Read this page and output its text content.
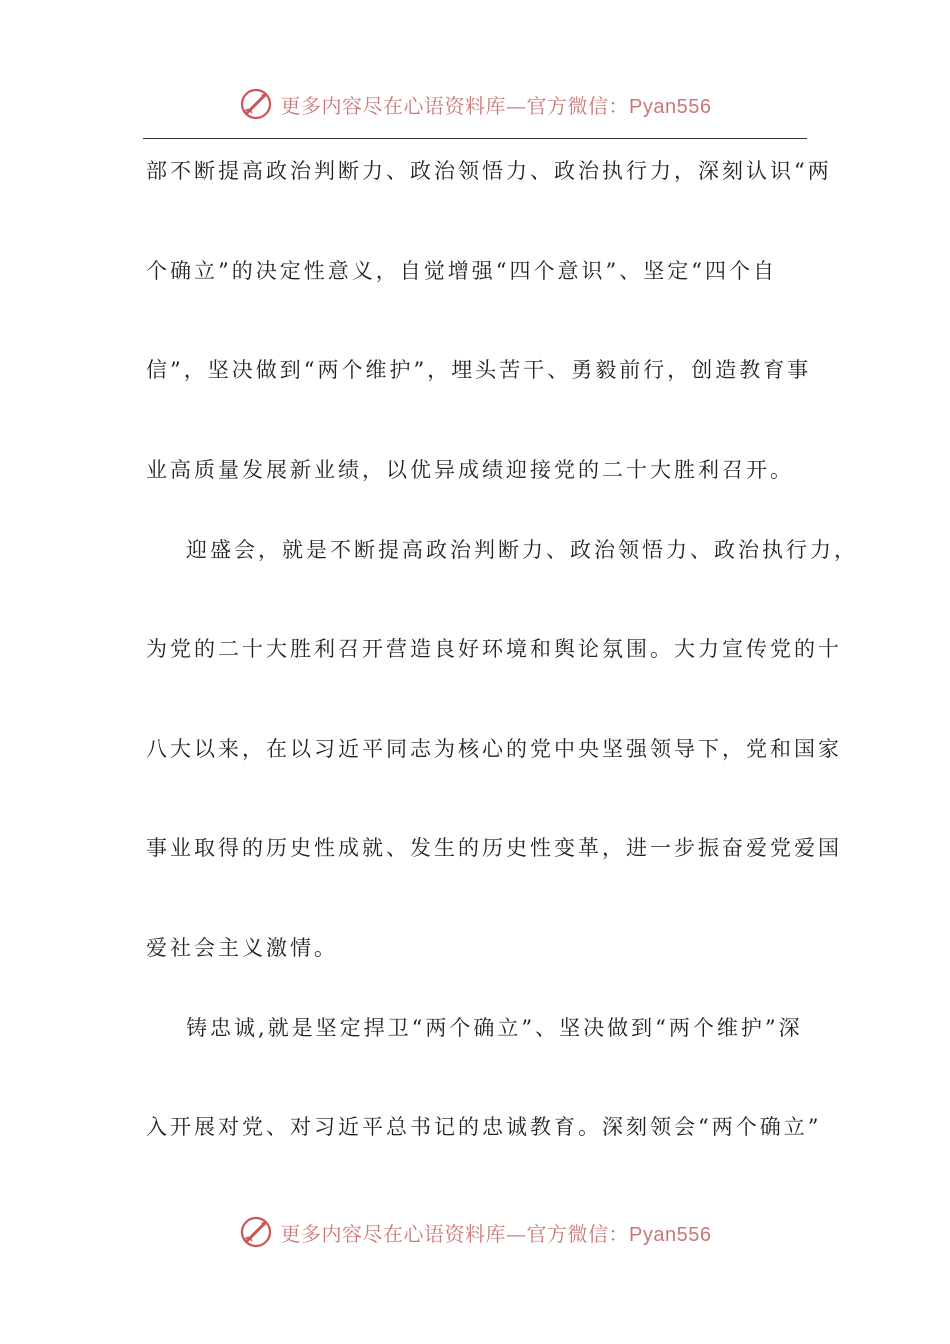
更多内容尽在心语资料库—官方微信：Pyan556
部不断提高政治判断力、政治领悟力、政治执行力，深刻认识“两
个确立”的决定性意义，自觉增强“四个意识”、坚定“四个自
信”，坚决做到“两个维护”，埋头苦干、勇毅前行，创造教育事
业高质量发展新业绩，以优异成绩迎接党的二十大胜利召开。
迎盛会，就是不断提高政治判断力、政治领悟力、政治执行力，
为党的二十大胜利召开营造良好环境和舆论氛围。大力宣传党的十
八大以来，在以习近平同志为核心的党中央坚强领导下，党和国家
事业取得的历史性成就、发生的历史性变革，进一步振奋爱党爱国
爱社会主义激情。
铸忠诚,就是坚定捍卫“两个确立”、坚决做到“两个维护”深
入开展对党、对习近平总书记的忠诚教育。深刻领会“两个确立”
更多内容尽在心语资料库—官方微信：Pyan556
